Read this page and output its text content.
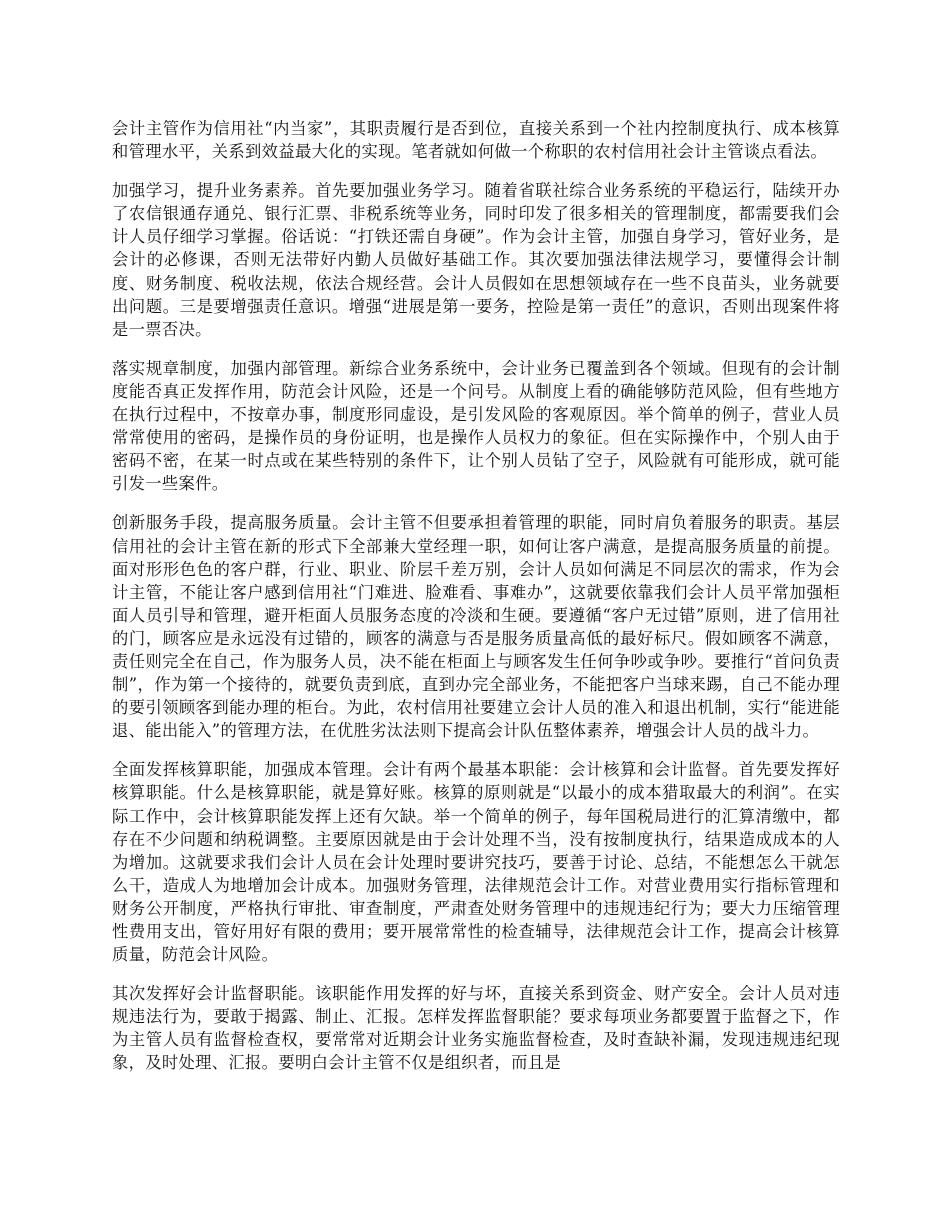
会计主管作为信用社“内当家”，其职责履行是否到位，直接关系到一个社内控制度执行、成本核算和管理水平，关系到效益最大化的实现。笔者就如何做一个称职的农村信用社会计主管谈点看法。

加强学习，提升业务素养。首先要加强业务学习。随着省联社综合业务系统的平稳运行，陆续开办了农信银通存通兑、银行汇票、非税系统等业务，同时印发了很多相关的管理制度，都需要我们会计人员仔细学习掌握。俗话说：“打铁还需自身硬”。作为会计主管，加强自身学习，管好业务，是会计的必修课，否则无法带好内勤人员做好基础工作。其次要加强法律法规学习，要懂得会计制度、财务制度、税收法规，依法合规经营。会计人员假如在思想领域存在一些不良苗头，业务就要出问题。三是要增强责任意识。增强“进展是第一要务，控险是第一责任”的意识，否则出现案件将是一票否决。

落实规章制度，加强内部管理。新综合业务系统中，会计业务已覆盖到各个领域。但现有的会计制度能否真正发挥作用，防范会计风险，还是一个问号。从制度上看的确能够防范风险，但有些地方在执行过程中，不按章办事，制度形同虚设，是引发风险的客观原因。举个简单的例子，营业人员常常使用的密码，是操作员的身份证明，也是操作人员权力的象征。但在实际操作中，个别人由于密码不密，在某一时点或在某些特别的条件下，让个别人员钻了空子，风险就有可能形成，就可能引发一些案件。

创新服务手段，提高服务质量。会计主管不但要承担着管理的职能，同时肩负着服务的职责。基层信用社的会计主管在新的形式下全部兼大堂经理一职，如何让客户满意，是提高服务质量的前提。面对形形色色的客户群，行业、职业、阶层千差万别，会计人员如何满足不同层次的需求，作为会计主管，不能让客户感到信用社“门难进、脸难看、事难办”，这就要依靠我们会计人员平常加强柜面人员引导和管理，避开柜面人员服务态度的冷淡和生硬。要遵循“客户无过错”原则，进了信用社的门，顾客应是永远没有过错的，顾客的满意与否是服务质量高低的最好标尺。假如顾客不满意，责任则完全在自己，作为服务人员，决不能在柜面上与顾客发生任何争吵或争吵。要推行“首问负责制”，作为第一个接待的，就要负责到底，直到办完全部业务，不能把客户当球来踢，自己不能办理的要引领顾客到能办理的柜台。为此，农村信用社要建立会计人员的准入和退出机制，实行“能进能退、能出能入”的管理方法，在优胜劣汰法则下提高会计队伍整体素养，增强会计人员的战斗力。

全面发挥核算职能，加强成本管理。会计有两个最基本职能：会计核算和会计监督。首先要发挥好核算职能。什么是核算职能，就是算好账。核算的原则就是“以最小的成本猎取最大的利润”。在实际工作中，会计核算职能发挥上还有欠缺。举一个简单的例子，每年国税局进行的汇算清缴中，都存在不少问题和纳税调整。主要原因就是由于会计处理不当，没有按制度执行，结果造成成本的人为增加。这就要求我们会计人员在会计处理时要讲究技巧，要善于讨论、总结，不能想怎么干就怎么干，造成人为地增加会计成本。加强财务管理，法律规范会计工作。对营业费用实行指标管理和财务公开制度，严格执行审批、审查制度，严肃查处财务管理中的违规违纪行为；要大力压缩管理性费用支出，管好用好有限的费用；要开展常常性的检查辅导，法律规范会计工作，提高会计核算质量，防范会计风险。

其次发挥好会计监督职能。该职能作用发挥的好与坏，直接关系到资金、财产安全。会计人员对违规违法行为，要敢于揭露、制止、汇报。怎样发挥监督职能？要求每项业务都要置于监督之下，作为主管人员有监督检查权，要常常对近期会计业务实施监督检查，及时查缺补漏，发现违规违纪现象，及时处理、汇报。要明白会计主管不仅是组织者，而且是
